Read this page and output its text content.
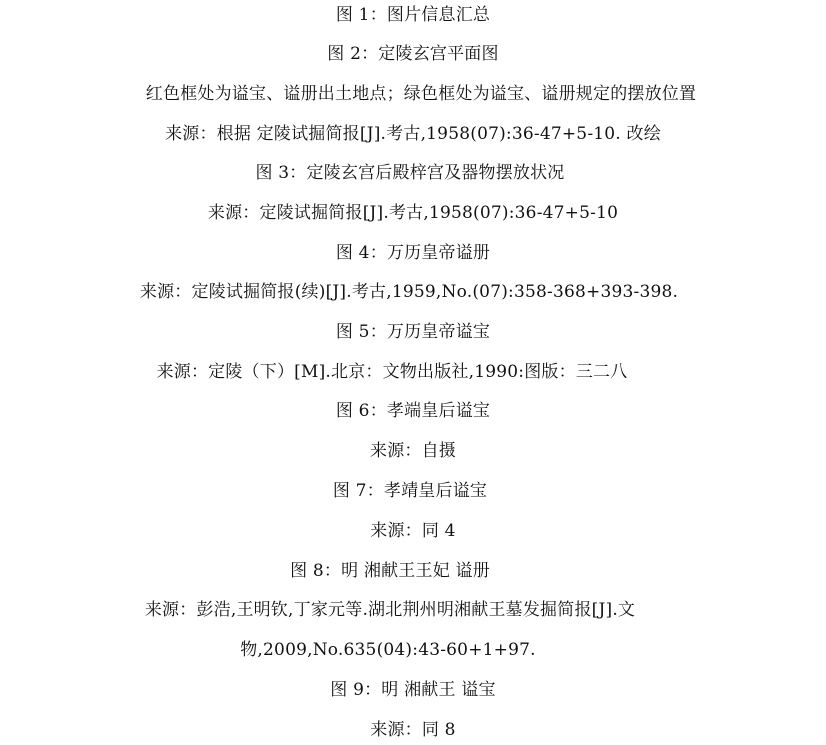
图 1：图片信息汇总
图 2：定陵玄宫平面图
红色框处为谥宝、谥册出土地点；绿色框处为谥宝、谥册规定的摆放位置
来源：根据 定陵试掘简报[J].考古,1958(07):36-47+5-10. 改绘
图 3：定陵玄宫后殿梓宫及器物摆放状况
来源：定陵试掘简报[J].考古,1958(07):36-47+5-10
图 4：万历皇帝谥册
来源：定陵试掘简报(续)[J].考古,1959,No.(07):358-368+393-398.
图 5：万历皇帝谥宝
来源：定陵（下）[M].北京：文物出版社,1990:图版：三二八
图 6：孝端皇后谥宝
来源：自摄
图 7：孝靖皇后谥宝
来源：同 4
图 8：明 湘献王王妃 谥册
来源：彭浩,王明钦,丁家元等.湖北荆州明湘献王墓发掘简报[J].文
物,2009,No.635(04):43-60+1+97.
图 9：明 湘献王 谥宝
来源：同 8
